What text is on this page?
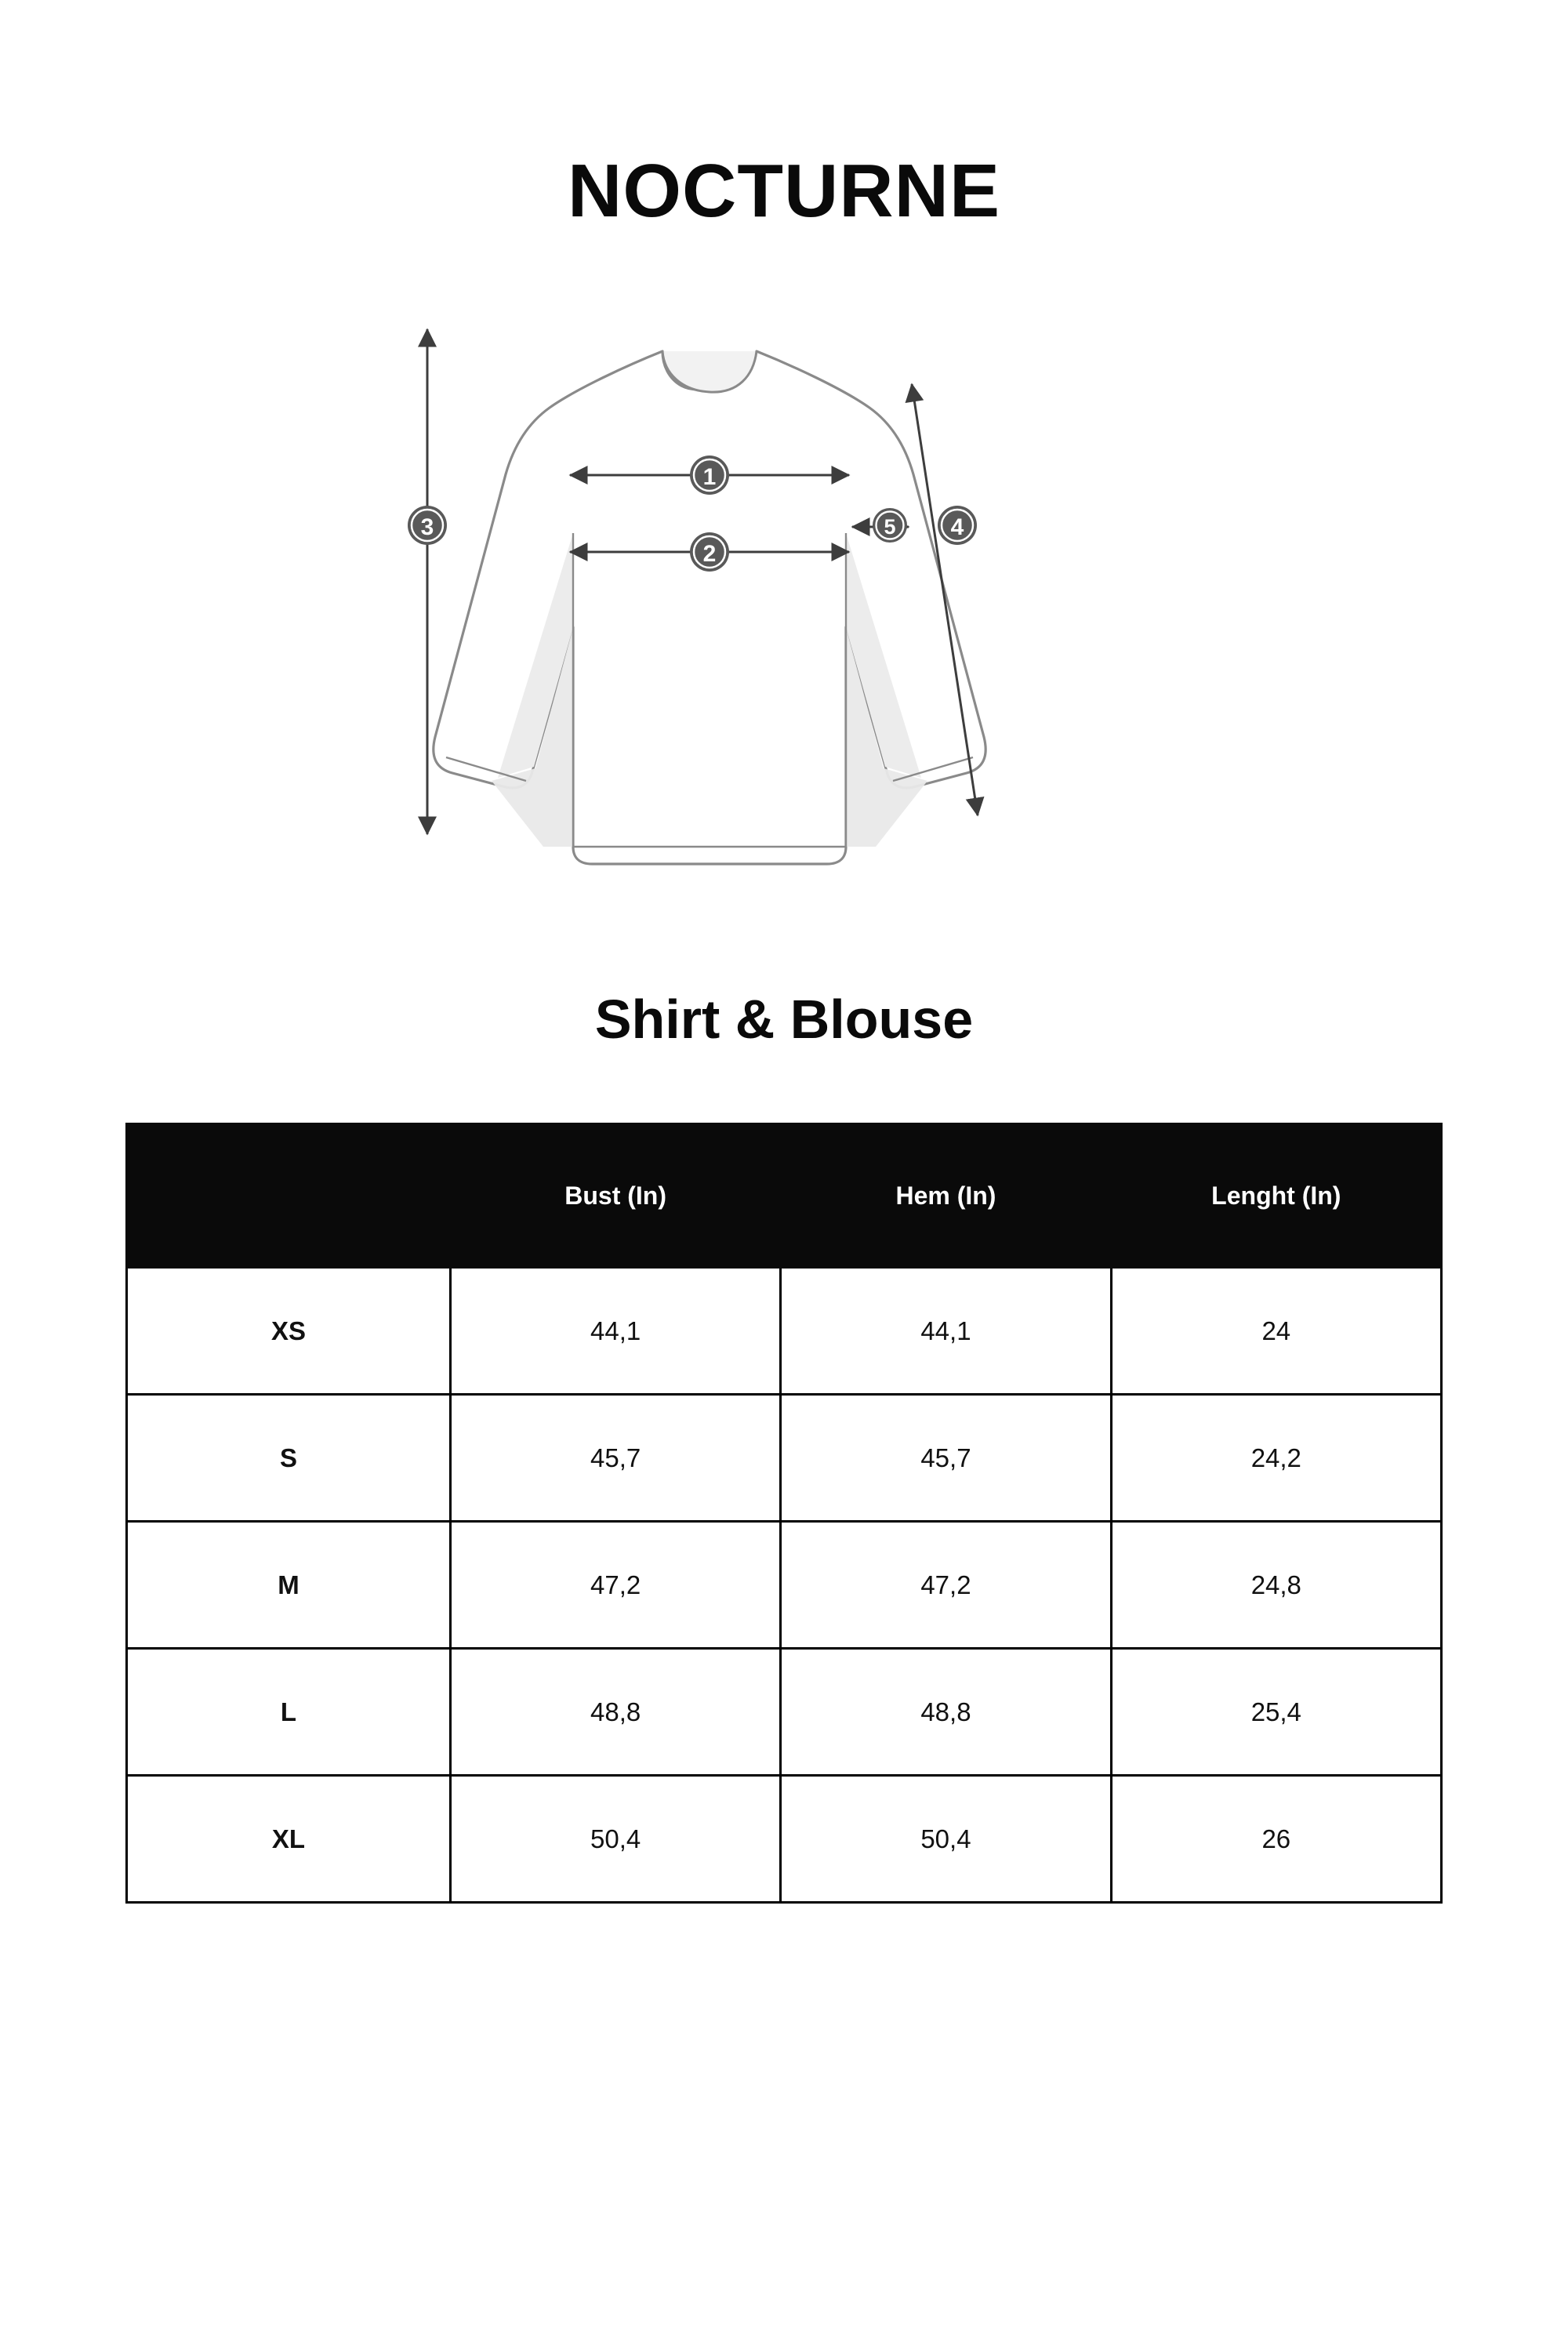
NOCTURNE
1
2
3	4
5
Shirt & Blouse
	Bust (In)	Hem (In)	Lenght (In)
XS	44,1	44,1	24
S	45,7	45,7	24,2
M	47,2	47,2	24,8
L	48,8	48,8	25,4
XL	50,4	50,4	26
